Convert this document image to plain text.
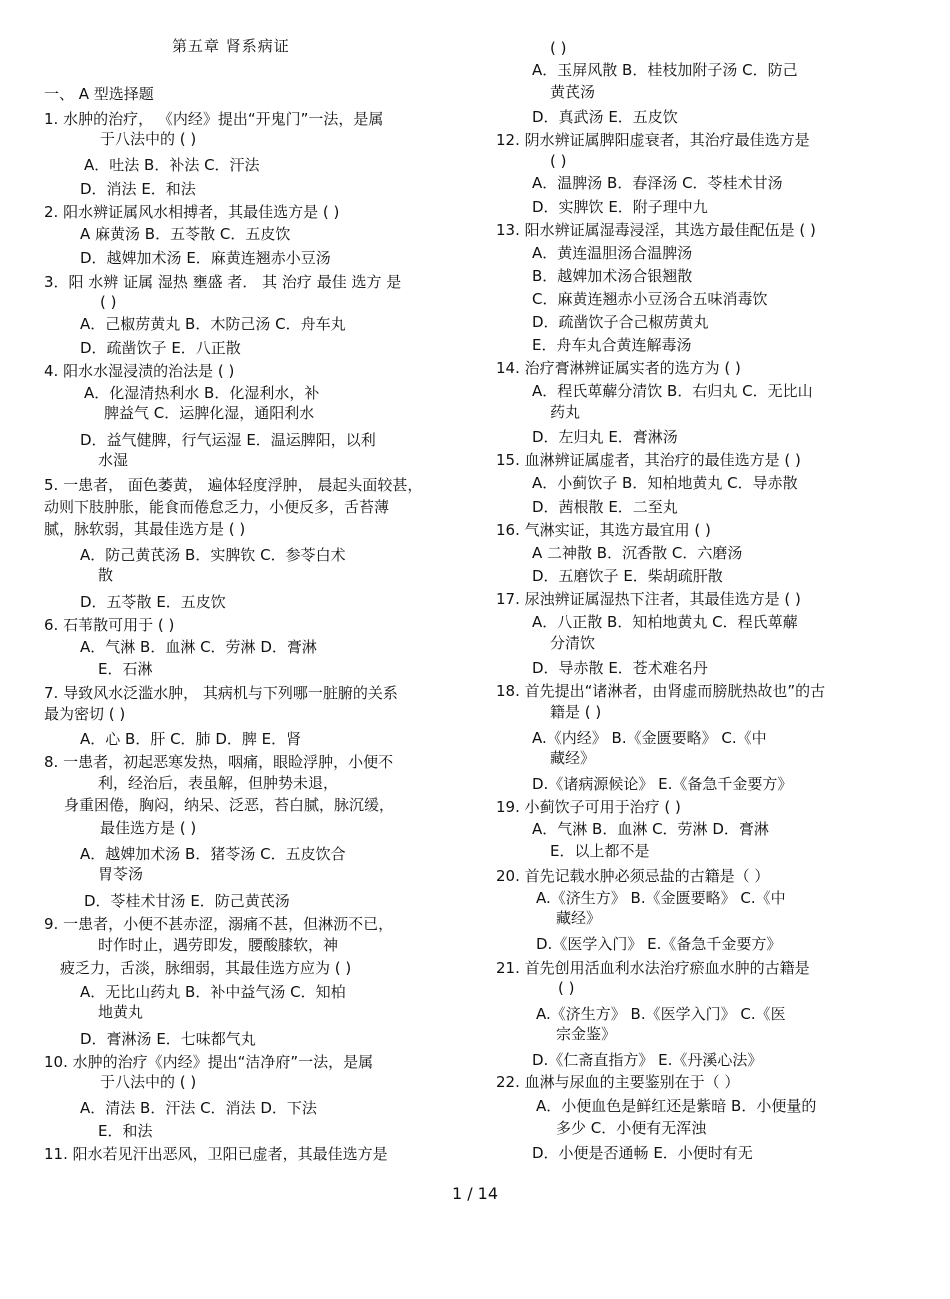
第五章 肾系病证
一、 A 型选择题
1. 水肿的治疗， 《内经》提出“开鬼门”一法，是属
于八法中的 ( )
A．吐法 B．补法 C．汗法
D．消法 E．和法
2. 阳水辨证属风水相搏者，其最佳选方是 ( )
A 麻黄汤 B．五苓散 C．五皮饮
D．越婢加术汤 E．麻黄连翘赤小豆汤
3．阳 水辨 证属 湿热 壅盛 者． 其 治疗 最佳 选方 是
( )
A．己椒苈黄丸 B．木防己汤 C．舟车丸
D．疏凿饮子 E．八正散
4. 阳水水湿浸渍的治法是 ( )
A．化湿清热利水 B．化湿利水，补
脾益气 C．运脾化湿，通阳利水
D．益气健脾，行气运湿 E．温运脾阳，以利
水湿
5. 一患者， 面色萎黄， 遍体轻度浮肿， 晨起头面较甚，
动则下肢肿胀，能食而倦怠乏力，小便反多，舌苔薄
腻，脉软弱，其最佳选方是 ( )
A．防己黄芪汤 B．实脾钦 C．参苓白术
散
D．五苓散 E．五皮饮
6. 石苇散可用于 ( )
A．气淋 B．血淋 C．劳淋 D．膏淋
E．石淋
7. 导致风水泛滥水肿， 其病机与下列哪一脏腑的关系
最为密切 ( )
A．心 B．肝 C．肺 D．脾 E．肾
8. 一患者，初起恶寒发热，咽痛，眼睑浮肿，小便不
利，经治后，表虽解，但肿势未退，
身重困倦，胸闷，纳呆、泛恶，苔白腻，脉沉缓，
最佳选方是 ( )
A．越婢加术汤 B．猪苓汤 C．五皮饮合
胃苓汤
D．苓桂术甘汤 E．防己黄芪汤
9. 一患者，小便不甚赤涩，溺痛不甚，但淋沥不已，
时作时止，遇劳即发，腰酸膝软，神
疲乏力，舌淡，脉细弱，其最佳选方应为 ( )
A．无比山药丸 B．补中益气汤 C．知柏
地黄丸
D．膏淋汤 E．七味都气丸
10. 水肿的治疗《内经》提出“洁净府”一法，是属
于八法中的 ( )
A．清法 B．汗法 C．消法 D．下法
E．和法
11. 阳水若见汗出恶风，卫阳已虚者，其最佳选方是
( )
A．玉屏风散 B．桂枝加附子汤 C．防己
黄芪汤
D．真武汤 E．五皮饮
12. 阴水辨证属脾阳虚衰者，其治疗最佳选方是
( )
A．温脾汤 B．春泽汤 C．苓桂术甘汤
D．实脾饮 E．附子理中九
13. 阳水辨证属湿毒浸淫，其选方最佳配伍是 ( )
A．黄连温胆汤合温脾汤
B．越婢加术汤合银翘散
C．麻黄连翘赤小豆汤合五味消毒饮
D．疏凿饮子合己椒苈黄丸
E．舟车丸合黄连解毒汤
14. 治疗膏淋辨证属实者的选方为 ( )
A．程氏萆薢分清饮 B．右归丸 C．无比山
药丸
D．左归丸 E．膏淋汤
15. 血淋辨证属虚者，其治疗的最佳选方是 ( )
A．小蓟饮子 B．知柏地黄丸 C．导赤散
D．茜根散 E．二至丸
16. 气淋实证，其选方最宜用 ( )
A 二神散 B．沉香散 C．六磨汤
D．五磨饮子 E．柴胡疏肝散
17. 尿浊辨证属湿热下注者，其最佳选方是 ( )
A．八正散 B．知柏地黄丸 C．程氏萆薢
分清饮
D．导赤散 E．苍术难名丹
18. 首先提出“诸淋者，由肾虚而膀胱热故也”的古
籍是 ( )
A.《内经》 B.《金匮要略》 C.《中
藏经》
D.《诸病源候论》 E.《备急千金要方》
19. 小蓟饮子可用于治疗 ( )
A．气淋 B．血淋 C．劳淋 D．膏淋
E．以上都不是
20. 首先记载水肿必须忌盐的古籍是（ ）
A.《济生方》 B.《金匮要略》 C.《中
藏经》
D.《医学入门》 E.《备急千金要方》
21. 首先创用活血利水法治疗瘀血水肿的古籍是
( )
A.《济生方》 B.《医学入门》 C.《医
宗金鉴》
D.《仁斋直指方》 E.《丹溪心法》
22. 血淋与尿血的主要鉴别在于（ ）
A．小便血色是鲜红还是紫暗 B．小便量的
多少 C．小便有无浑浊
D．小便是否通畅 E．小便时有无
1 / 14
